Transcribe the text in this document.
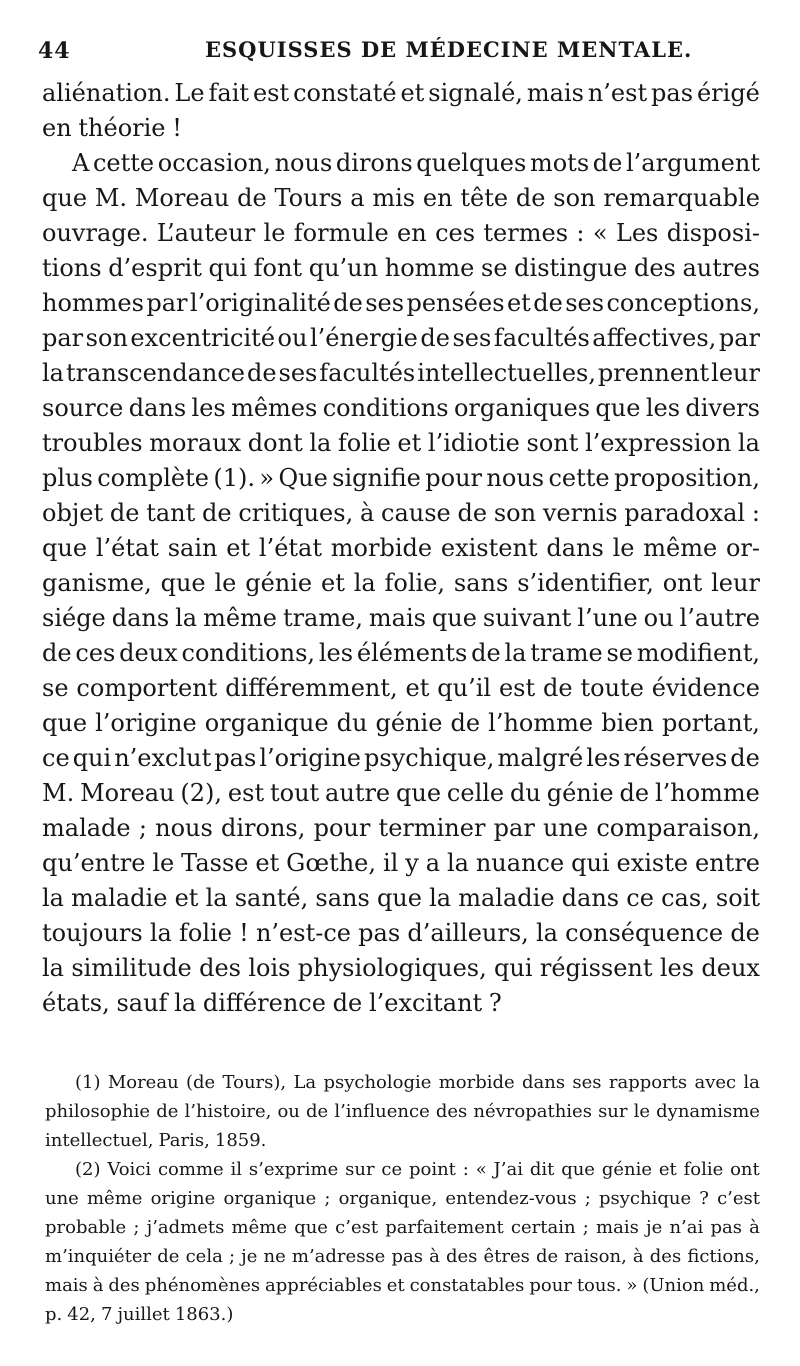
44	ESQUISSES DE MÉDECINE MENTALE.
aliénation. Le fait est constaté et signalé, mais n’est pas érigé
en théorie !
A cette occasion, nous dirons quelques mots de l’argument
que M. Moreau de Tours a mis en tête de son remarquable
ouvrage. L’auteur le formule en ces termes : « Les disposi-
tions d’esprit qui font qu’un homme se distingue des autres
hommes par l’originalité de ses pensées et de ses conceptions,
par son excentricité ou l’énergie de ses facultés affectives, par
la transcendance de ses facultés intellectuelles, prennent leur
source dans les mêmes conditions organiques que les divers
troubles moraux dont la folie et l’idiotie sont l’expression la
plus complète (1). » Que signifie pour nous cette proposition,
objet de tant de critiques, à cause de son vernis paradoxal :
que l’état sain et l’état morbide existent dans le même or-
ganisme, que le génie et la folie, sans s’identifier, ont leur
siége dans la même trame, mais que suivant l’une ou l’autre
de ces deux conditions, les éléments de la trame se modifient,
se comportent différemment, et qu’il est de toute évidence
que l’origine organique du génie de l’homme bien portant,
ce qui n’exclut pas l’origine psychique, malgré les réserves de
M. Moreau (2), est tout autre que celle du génie de l’homme
malade ; nous dirons, pour terminer par une comparaison,
qu’entre le Tasse et Gœthe, il y a la nuance qui existe entre
la maladie et la santé, sans que la maladie dans ce cas, soit
toujours la folie ! n’est-ce pas d’ailleurs, la conséquence de
la similitude des lois physiologiques, qui régissent les deux
états, sauf la différence de l’excitant ?
(1) Moreau (de Tours), La psychologie morbide dans ses rapports avec la
philosophie de l’histoire, ou de l’influence des névropathies sur le dynamisme
intellectuel, Paris, 1859.
(2) Voici comme il s’exprime sur ce point : « J’ai dit que génie et folie ont
une même origine organique ; organique, entendez-vous ; psychique ? c’est
probable ; j’admets même que c’est parfaitement certain ; mais je n’ai pas à
m’inquiéter de cela ; je ne m’adresse pas à des êtres de raison, à des fictions,
mais à des phénomènes appréciables et constatables pour tous. » (Union méd.,
p. 42, 7 juillet 1863.)
